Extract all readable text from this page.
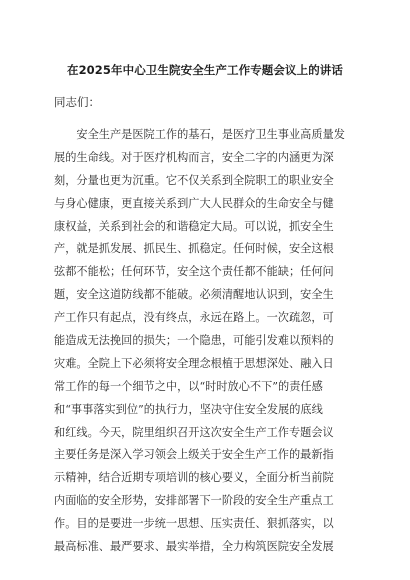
在2025年中心卫生院安全生产工作专题会议上的讲话
同志们：
　　安全生产是医院工作的基石，是医疗卫生事业高质量发
展的生命线。对于医疗机构而言，安全二字的内涵更为深
刻，分量也更为沉重。它不仅关系到全院职工的职业安全
与身心健康，更直接关系到广大人民群众的生命安全与健
康权益，关系到社会的和谐稳定大局。可以说，抓安全生
产，就是抓发展、抓民生、抓稳定。任何时候，安全这根
弦都不能松；任何环节，安全这个责任都不能缺；任何问
题，安全这道防线都不能破。必须清醒地认识到，安全生
产工作只有起点，没有终点，永远在路上。一次疏忽，可
能造成无法挽回的损失；一个隐患，可能引发难以预料的
灾难。全院上下必须将安全理念根植于思想深处、融入日
常工作的每一个细节之中，以“时时放心不下”的责任感
和“事事落实到位”的执行力，坚决守住安全发展的底线
和红线。今天，院里组织召开这次安全生产工作专题会议
主要任务是深入学习领会上级关于安全生产工作的最新指
示精神，结合近期专项培训的核心要义，全面分析当前院
内面临的安全形势，安排部署下一阶段的安全生产重点工
作。目的是要进一步统一思想、压实责任、狠抓落实，以
最高标准、最严要求、最实举措，全力构筑医院安全发展
